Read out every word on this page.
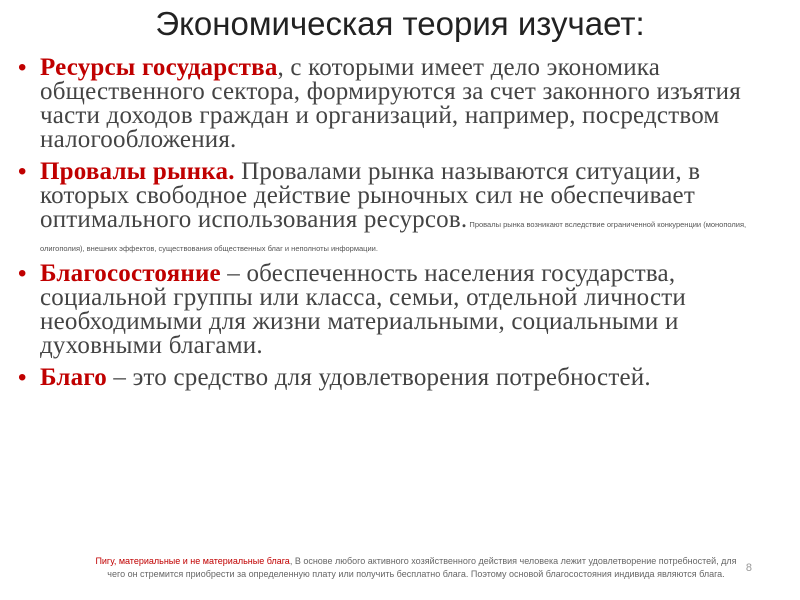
Экономическая теория изучает:
• Ресурсы государства, с которыми имеет дело экономика общественного сектора, формируются за счет законного изъятия части доходов граждан и организаций, например, посредством налогообложения.
• Провалы рынка. Провалами рынка называются ситуации, в которых свободное действие рыночных сил не обеспечивает оптимального использования ресурсов. Провалы рынка возникают вследствие ограниченной конкуренции (монополия, олигополия), внешних эффектов, существования общественных благ и неполноты информации.
• Благосостояние – обеспеченность населения государства, социальной группы или класса, семьи, отдельной личности необходимыми для жизни материальными, социальными и духовными благами.
• Благо – это средство для удовлетворения потребностей.
Пигу, материальные и не материальные блага, В основе любого активного хозяйственного действия человека лежит удовлетворение потребностей, для чего он стремится приобрести за определенную плату или получить бесплатно блага. Поэтому основой благосостояния индивида являются блага.	8
